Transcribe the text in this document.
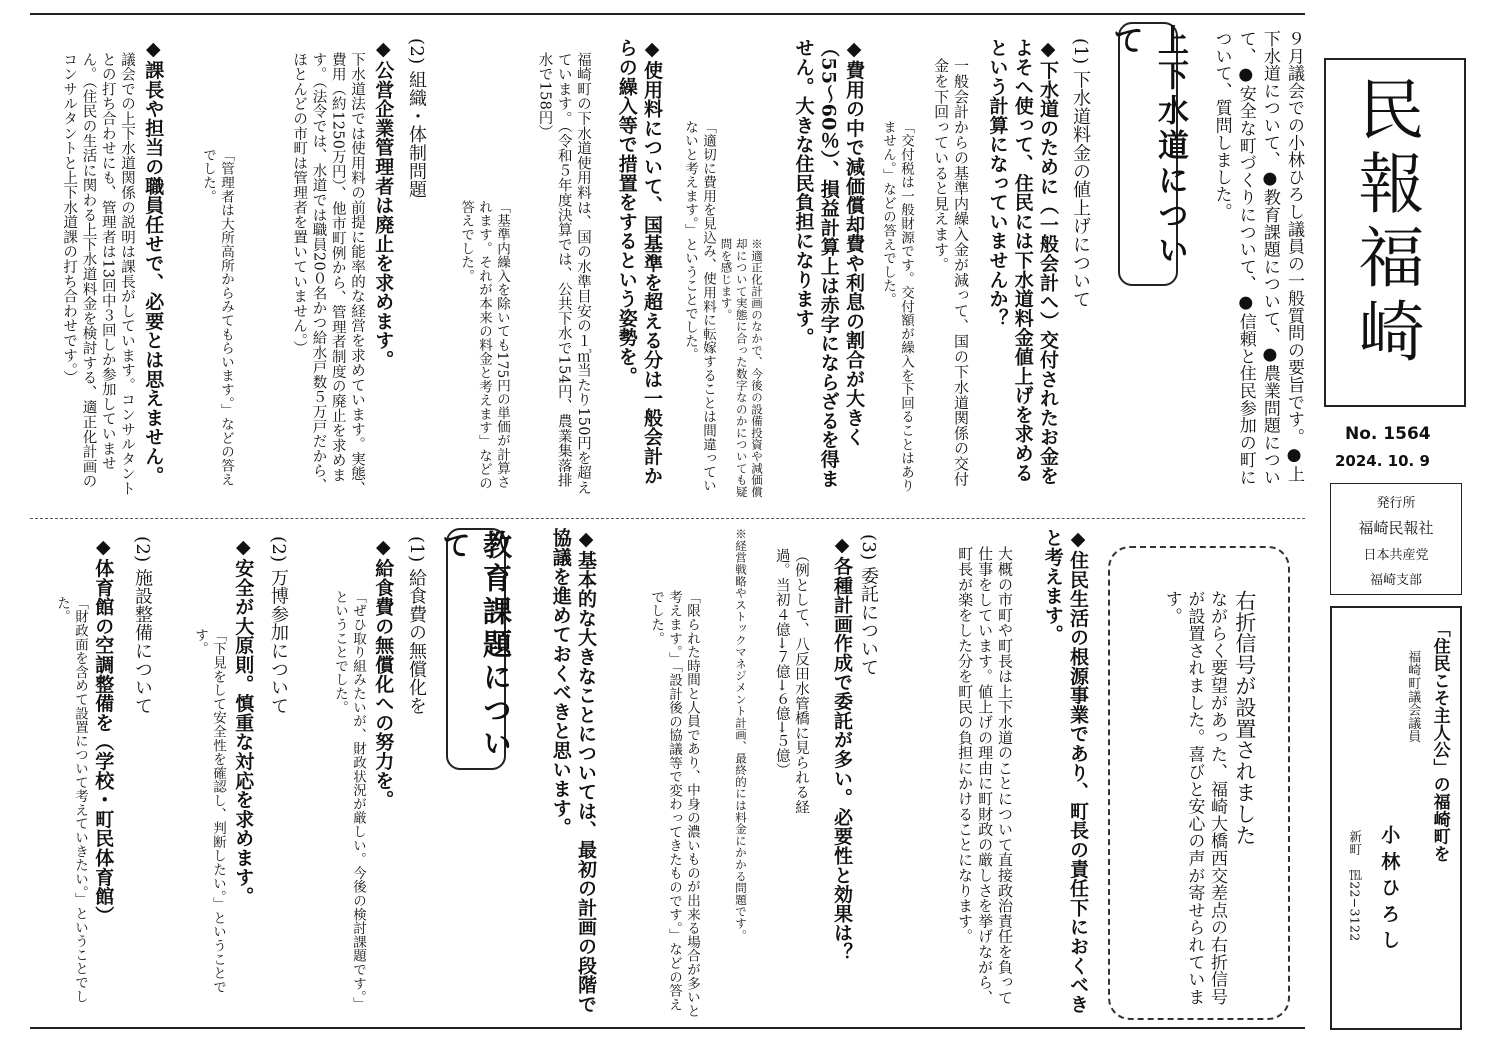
民報福崎
No. 1564
2024. 10. 9
発行所
福崎民報社
日本共産党
福崎支部
「住民こそ主人公」の福崎町を
福崎町議会議員
小 林 ひ ろ し
新町　℡22−3122
９月議会での小林ひろし議員の一般質問の要旨です。●上下水道について、●教育課題について、●農業問題について、●安全な町づくりについて、●信頼と住民参加の町について、質問しました。
上下水道について
(1) 下水道料金の値上げについて
◆下水道のために（一般会計へ）交付されたお金をよそへ使って、住民には下水道料金値上げを求めるという計算になっていませんか？
一般会計からの基準内繰入金が減って、国の下水道関係の交付金を下回っていると見えます。
「交付税は一般財源です。交付額が繰入を下回ることはありません。」などの答えでした。
◆費用の中で減価償却費や利息の割合が大きく（55〜60％）、損益計算上は赤字にならざるを得ません。大きな住民負担になります。
※適正化計画のなかで、今後の設備投資や減価償却について実態に合った数字なのかについても疑問を感じます。
「適切に費用を見込み、使用料に転嫁することは間違っていないと考えます。」ということでした。
◆使用料について、国基準を超える分は一般会計からの繰入等で措置をするという姿勢を。
福崎町の下水道使用料は、国の水準目安の１㎥当たり150円を超えています。（令和５年度決算では、公共下水で154円、農業集落排水で158円）
「基準内繰入を除いても175円の単価が計算されます。それが本来の料金と考えます」などの答えでした。
(2) 組織・体制問題
◆公営企業管理者は廃止を求めます。
下水道法では使用料の前提に能率的な経営を求めています。実態、費用（約1250万円）、他市町例から、管理者制度の廃止を求めます。（法令では、水道では職員20０名かつ給水戸数５万戸だから、ほとんどの市町は管理者を置いていません。）
「管理者は大所高所からみてもらいます。」などの答えでした。
◆課長や担当の職員任せで、必要とは思えません。
議会での上下水道関係の説明は課長がしています。コンサルタントとの打ち合わせにも、管理者は13回中３回しか参加していません。（住民の生活に関わる上下水道料金を検討する、適正化計画のコンサルタントと上下水道課の打ち合わせです。）
◆住民生活の根源事業であり、町長の責任下におくべきと考えます。
大概の市町や町長は上下水道のことについて直接政治責任を負って仕事をしています。値上げの理由に町財政の厳しさを挙げながら、町長が楽をした分を町民の負担にかけることになります。
(3) 委託について
◆各種計画作成で委託が多い。必要性と効果は？
（例として、八反田水管橋に見られる経過。当初４億→７億→６億→５億）
※経営戦略やストックマネジメント計画、最終的には料金にかかる問題です。
「限られた時間と人員であり、中身の濃いものが出来る場合が多いと考えます。」「設計後の協議等で変わってきたものです。」などの答えでした。
◆基本的な大きなことについては、最初の計画の段階で協議を進めておくべきと思います。
教育課題について
(1) 給食費の無償化を
◆給食費の無償化への努力を。
「ぜひ取り組みたいが、財政状況が厳しい。今後の検討課題です。」ということでした。
(2) 万博参加について
◆安全が大原則。慎重な対応を求めます。
「下見をして安全性を確認し、判断したい。」ということです。
(2) 施設整備について
◆体育館の空調整備を（学校・町民体育館）
「財政面を含めて設置について考えていきたい。」ということでした。	右折信号が設置されました
ながらく要望があった、福崎大橋西交差点の右折信号が設置されました。喜びと安心の声が寄せられています。
